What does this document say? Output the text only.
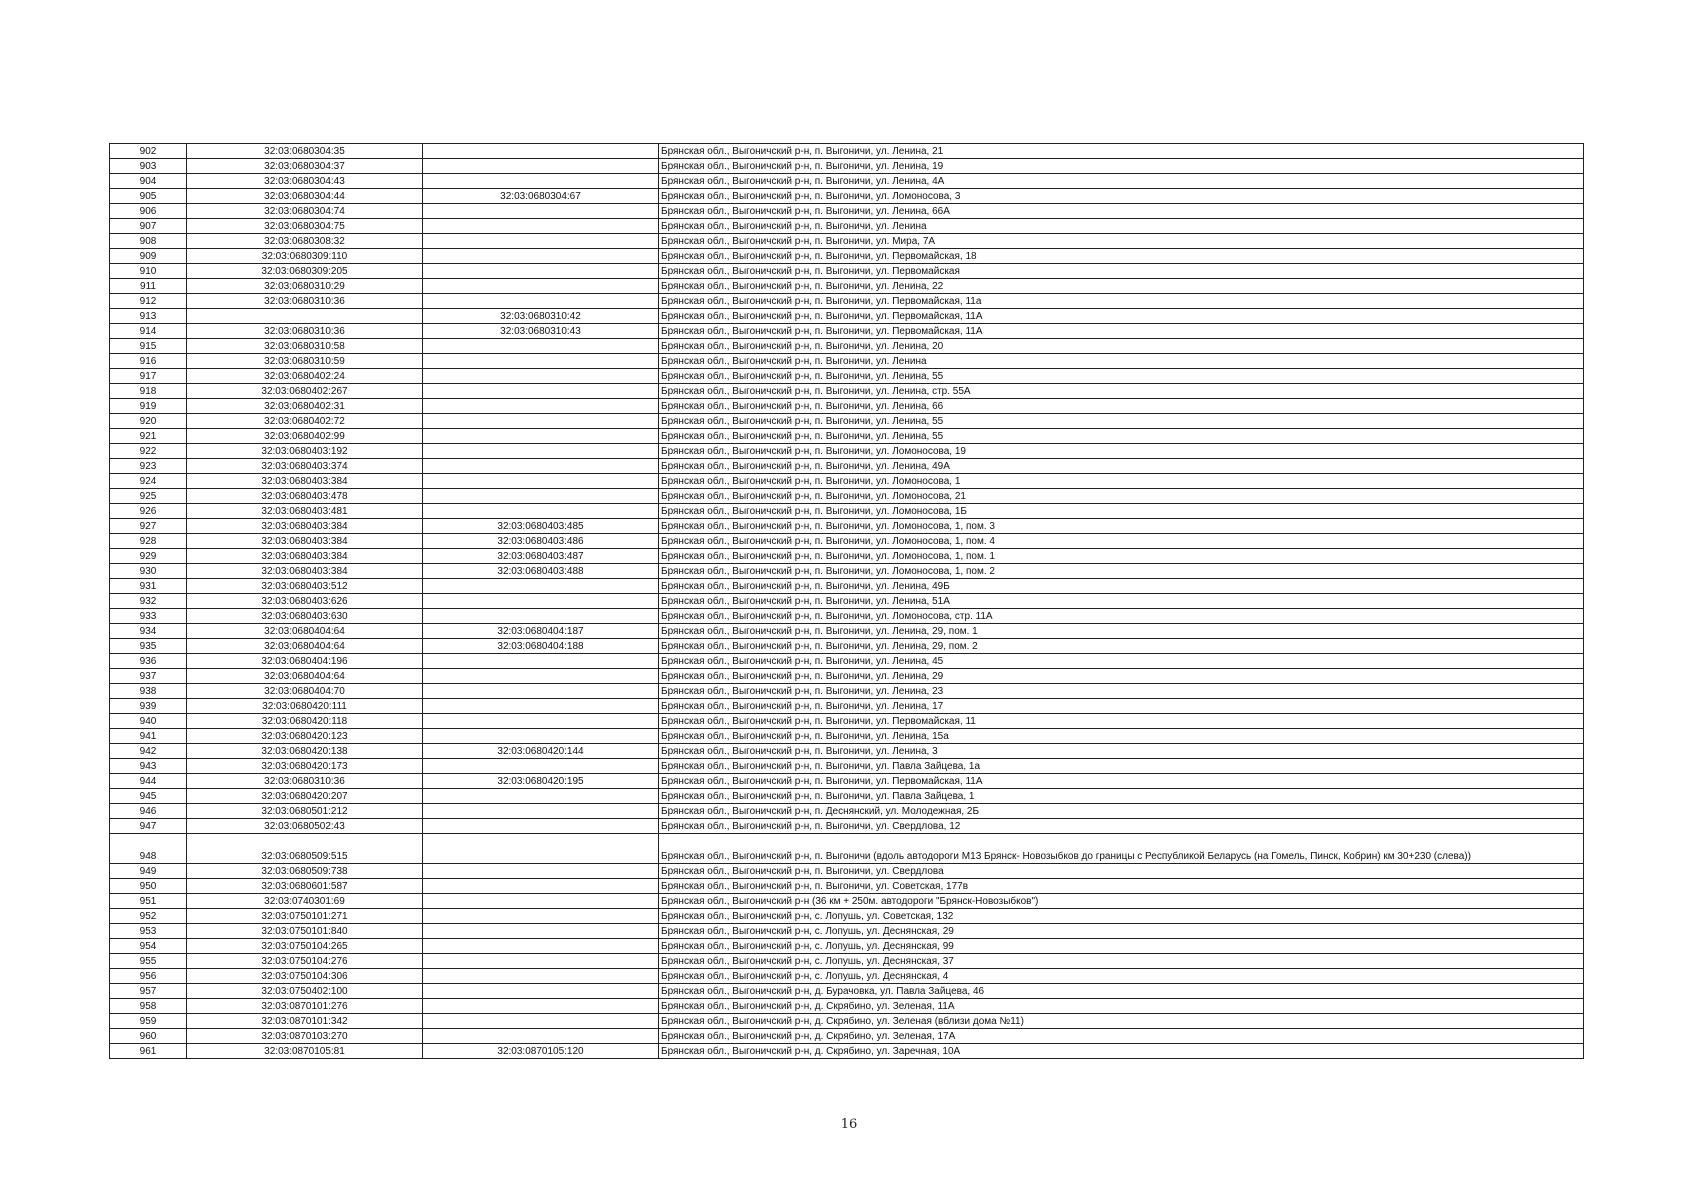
902	32:03:0680304:35		Брянская обл., Выгоничский р-н, п. Выгоничи, ул. Ленина, 21
903	32:03:0680304:37		Брянская обл., Выгоничский р-н, п. Выгоничи, ул. Ленина, 19
904	32:03:0680304:43		Брянская обл., Выгоничский р-н, п. Выгоничи, ул. Ленина, 4А
905	32:03:0680304:44	32:03:0680304:67	Брянская обл., Выгоничский р-н, п. Выгоничи, ул. Ломоносова, 3
906	32:03:0680304:74		Брянская обл., Выгоничский р-н, п. Выгоничи, ул. Ленина, 66А
907	32:03:0680304:75		Брянская обл., Выгоничский р-н, п. Выгоничи, ул. Ленина
908	32:03:0680308:32		Брянская обл., Выгоничский р-н, п. Выгоничи, ул. Мира, 7А
909	32:03:0680309:110		Брянская обл., Выгоничский р-н, п. Выгоничи, ул. Первомайская, 18
910	32:03:0680309:205		Брянская обл., Выгоничский р-н, п. Выгоничи, ул. Первомайская
911	32:03:0680310:29		Брянская обл., Выгоничский р-н, п. Выгоничи, ул. Ленина, 22
912	32:03:0680310:36		Брянская обл., Выгоничский р-н, п. Выгоничи, ул. Первомайская, 11а
913		32:03:0680310:42	Брянская обл., Выгоничский р-н, п. Выгоничи, ул. Первомайская, 11А
914	32:03:0680310:36	32:03:0680310:43	Брянская обл., Выгоничский р-н, п. Выгоничи, ул. Первомайская, 11А
915	32:03:0680310:58		Брянская обл., Выгоничский р-н, п. Выгоничи, ул. Ленина, 20
916	32:03:0680310:59		Брянская обл., Выгоничский р-н, п. Выгоничи, ул. Ленина
917	32:03:0680402:24		Брянская обл., Выгоничский р-н, п. Выгоничи, ул. Ленина, 55
918	32:03:0680402:267		Брянская обл., Выгоничский р-н, п. Выгоничи, ул. Ленина, стр. 55А
919	32:03:0680402:31		Брянская обл., Выгоничский р-н, п. Выгоничи, ул. Ленина, 66
920	32:03:0680402:72		Брянская обл., Выгоничский р-н, п. Выгоничи, ул. Ленина, 55
921	32:03:0680402:99		Брянская обл., Выгоничский р-н, п. Выгоничи, ул. Ленина, 55
922	32:03:0680403:192		Брянская обл., Выгоничский р-н, п. Выгоничи, ул. Ломоносова, 19
923	32:03:0680403:374		Брянская обл., Выгоничский р-н, п. Выгоничи, ул. Ленина, 49А
924	32:03:0680403:384		Брянская обл., Выгоничский р-н, п. Выгоничи, ул. Ломоносова, 1
925	32:03:0680403:478		Брянская обл., Выгоничский р-н, п. Выгоничи, ул. Ломоносова, 21
926	32:03:0680403:481		Брянская обл., Выгоничский р-н, п. Выгоничи, ул. Ломоносова, 1Б
927	32:03:0680403:384	32:03:0680403:485	Брянская обл., Выгоничский р-н, п. Выгоничи, ул. Ломоносова, 1, пом. 3
928	32:03:0680403:384	32:03:0680403:486	Брянская обл., Выгоничский р-н, п. Выгоничи, ул. Ломоносова, 1, пом. 4
929	32:03:0680403:384	32:03:0680403:487	Брянская обл., Выгоничский р-н, п. Выгоничи, ул. Ломоносова, 1, пом. 1
930	32:03:0680403:384	32:03:0680403:488	Брянская обл., Выгоничский р-н, п. Выгоничи, ул. Ломоносова, 1, пом. 2
931	32:03:0680403:512		Брянская обл., Выгоничский р-н, п. Выгоничи, ул. Ленина, 49Б
932	32:03:0680403:626		Брянская обл., Выгоничский р-н, п. Выгоничи, ул. Ленина, 51А
933	32:03:0680403:630		Брянская обл., Выгоничский р-н, п. Выгоничи, ул. Ломоносова, стр. 11А
934	32:03:0680404:64	32:03:0680404:187	Брянская обл., Выгоничский р-н, п. Выгоничи, ул. Ленина, 29, пом. 1
935	32:03:0680404:64	32:03:0680404:188	Брянская обл., Выгоничский р-н, п. Выгоничи, ул. Ленина, 29, пом. 2
936	32:03:0680404:196		Брянская обл., Выгоничский р-н, п. Выгоничи, ул. Ленина, 45
937	32:03:0680404:64		Брянская обл., Выгоничский р-н, п. Выгоничи, ул. Ленина, 29
938	32:03:0680404:70		Брянская обл., Выгоничский р-н, п. Выгоничи, ул. Ленина, 23
939	32:03:0680420:111		Брянская обл., Выгоничский р-н, п. Выгоничи, ул. Ленина, 17
940	32:03:0680420:118		Брянская обл., Выгоничский р-н, п. Выгоничи, ул. Первомайская, 11
941	32:03:0680420:123		Брянская обл., Выгоничский р-н, п. Выгоничи, ул. Ленина, 15а
942	32:03:0680420:138	32:03:0680420:144	Брянская обл., Выгоничский р-н, п. Выгоничи, ул. Ленина, 3
943	32:03:0680420:173		Брянская обл., Выгоничский р-н, п. Выгоничи, ул. Павла Зайцева, 1а
944	32:03:0680310:36	32:03:0680420:195	Брянская обл., Выгоничский р-н, п. Выгоничи, ул. Первомайская, 11А
945	32:03:0680420:207		Брянская обл., Выгоничский р-н, п. Выгоничи, ул. Павла Зайцева, 1
946	32:03:0680501:212		Брянская обл., Выгоничский р-н, п. Деснянский, ул. Молодежная, 2Б
947	32:03:0680502:43		Брянская обл., Выгоничский р-н, п. Выгоничи, ул. Свердлова, 12
948	32:03:0680509:515		Брянская обл., Выгоничский р-н, п. Выгоничи (вдоль автодороги М13 Брянск- Новозыбков до границы с Республикой Беларусь (на Гомель, Пинск, Кобрин) км 30+230 (слева))
949	32:03:0680509:738		Брянская обл., Выгоничский р-н, п. Выгоничи, ул. Свердлова
950	32:03:0680601:587		Брянская обл., Выгоничский р-н, п. Выгоничи, ул. Советская, 177в
951	32:03:0740301:69		Брянская обл., Выгоничский р-н (36 км + 250м. автодороги "Брянск-Новозыбков")
952	32:03:0750101:271		Брянская обл., Выгоничский р-н, с. Лопушь, ул. Советская, 132
953	32:03:0750101:840		Брянская обл., Выгоничский р-н, с. Лопушь, ул. Деснянская, 29
954	32:03:0750104:265		Брянская обл., Выгоничский р-н, с. Лопушь, ул. Деснянская, 99
955	32:03:0750104:276		Брянская обл., Выгоничский р-н, с. Лопушь, ул. Деснянская, 37
956	32:03:0750104:306		Брянская обл., Выгоничский р-н, с. Лопушь, ул. Деснянская, 4
957	32:03:0750402:100		Брянская обл., Выгоничский р-н, д. Бурачовка, ул. Павла Зайцева, 46
958	32:03:0870101:276		Брянская обл., Выгоничский р-н, д. Скрябино, ул. Зеленая, 11А
959	32:03:0870101:342		Брянская обл., Выгоничский р-н, д. Скрябино, ул. Зеленая (вблизи дома №11)
960	32:03:0870103:270		Брянская обл., Выгоничский р-н, д. Скрябино, ул. Зеленая, 17А
961	32:03:0870105:81	32:03:0870105:120	Брянская обл., Выгоничский р-н, д. Скрябино, ул. Заречная, 10А
16
